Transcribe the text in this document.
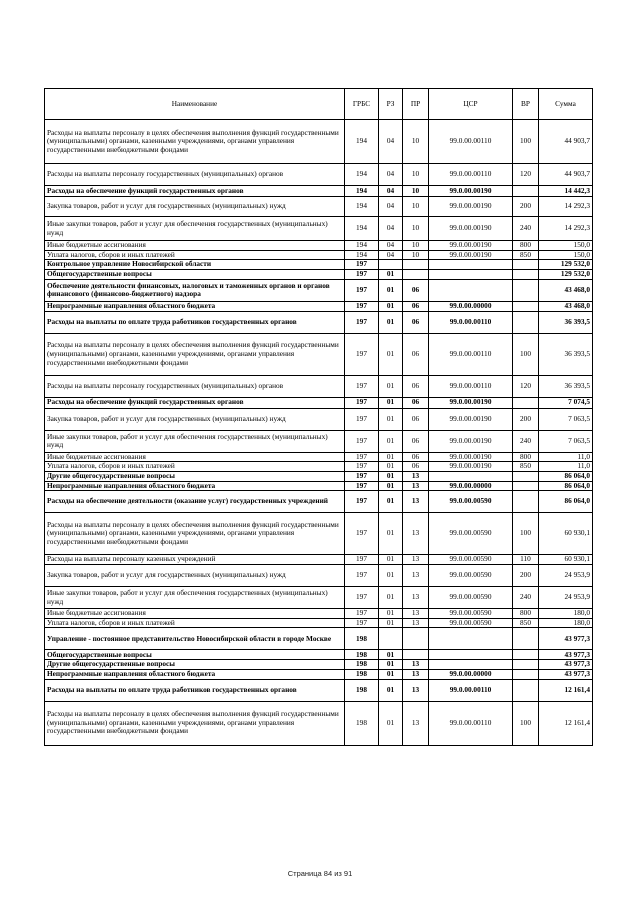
Наименование	ГРБС	РЗ	ПР	ЦСР	ВР	Сумма
Расходы на выплаты персоналу в целях обеспечения выполнения функций государственными (муниципальными) органами, казенными учреждениями, органами управления государственными внебюджетными фондами	194	04	10	99.0.00.00110	100	44 903,7
Расходы на выплаты персоналу государственных (муниципальных) органов	194	04	10	99.0.00.00110	120	44 903,7
Расходы на обеспечение функций государственных органов	194	04	10	99.0.00.00190		14 442,3
Закупка товаров, работ и услуг для государственных (муниципальных) нужд	194	04	10	99.0.00.00190	200	14 292,3
Иные закупки товаров, работ и услуг для обеспечения государственных (муниципальных) нужд	194	04	10	99.0.00.00190	240	14 292,3
Иные бюджетные ассигнования	194	04	10	99.0.00.00190	800	150,0
Уплата налогов, сборов и иных платежей	194	04	10	99.0.00.00190	850	150,0
Контрольное управление Новосибирской области	197					129 532,0
Общегосударственные вопросы	197	01				129 532,0
Обеспечение деятельности финансовых, налоговых и таможенных органов и органов финансового (финансово-бюджетного) надзора	197	01	06			43 468,0
Непрограммные направления областного бюджета	197	01	06	99.0.00.00000		43 468,0
Расходы на выплаты по оплате труда работников государственных органов	197	01	06	99.0.00.00110		36 393,5
Расходы на выплаты персоналу в целях обеспечения выполнения функций государственными (муниципальными) органами, казенными учреждениями, органами управления государственными внебюджетными фондами	197	01	06	99.0.00.00110	100	36 393,5
Расходы на выплаты персоналу государственных (муниципальных) органов	197	01	06	99.0.00.00110	120	36 393,5
Расходы на обеспечение функций государственных органов	197	01	06	99.0.00.00190		7 074,5
Закупка товаров, работ и услуг для государственных (муниципальных) нужд	197	01	06	99.0.00.00190	200	7 063,5
Иные закупки товаров, работ и услуг для обеспечения государственных (муниципальных) нужд	197	01	06	99.0.00.00190	240	7 063,5
Иные бюджетные ассигнования	197	01	06	99.0.00.00190	800	11,0
Уплата налогов, сборов и иных платежей	197	01	06	99.0.00.00190	850	11,0
Другие общегосударственные вопросы	197	01	13			86 064,0
Непрограммные направления областного бюджета	197	01	13	99.0.00.00000		86 064,0
Расходы на обеспечение деятельности (оказание услуг) государственных учреждений	197	01	13	99.0.00.00590		86 064,0
Расходы на выплаты персоналу в целях обеспечения выполнения функций государственными (муниципальными) органами, казенными учреждениями, органами управления государственными внебюджетными фондами	197	01	13	99.0.00.00590	100	60 930,1
Расходы на выплаты персоналу казенных учреждений	197	01	13	99.0.00.00590	110	60 930,1
Закупка товаров, работ и услуг для государственных (муниципальных) нужд	197	01	13	99.0.00.00590	200	24 953,9
Иные закупки товаров, работ и услуг для обеспечения государственных (муниципальных) нужд	197	01	13	99.0.00.00590	240	24 953,9
Иные бюджетные ассигнования	197	01	13	99.0.00.00590	800	180,0
Уплата налогов, сборов и иных платежей	197	01	13	99.0.00.00590	850	180,0
Управление - постоянное представительство Новосибирской области в городе Москве	198					43 977,3
Общегосударственные вопросы	198	01				43 977,3
Другие общегосударственные вопросы	198	01	13			43 977,3
Непрограммные направления областного бюджета	198	01	13	99.0.00.00000		43 977,3
Расходы на выплаты по оплате труда работников государственных органов	198	01	13	99.0.00.00110		12 161,4
Расходы на выплаты персоналу в целях обеспечения выполнения функций государственными (муниципальными) органами, казенными учреждениями, органами управления государственными внебюджетными фондами	198	01	13	99.0.00.00110	100	12 161,4
Страница 84 из 91
